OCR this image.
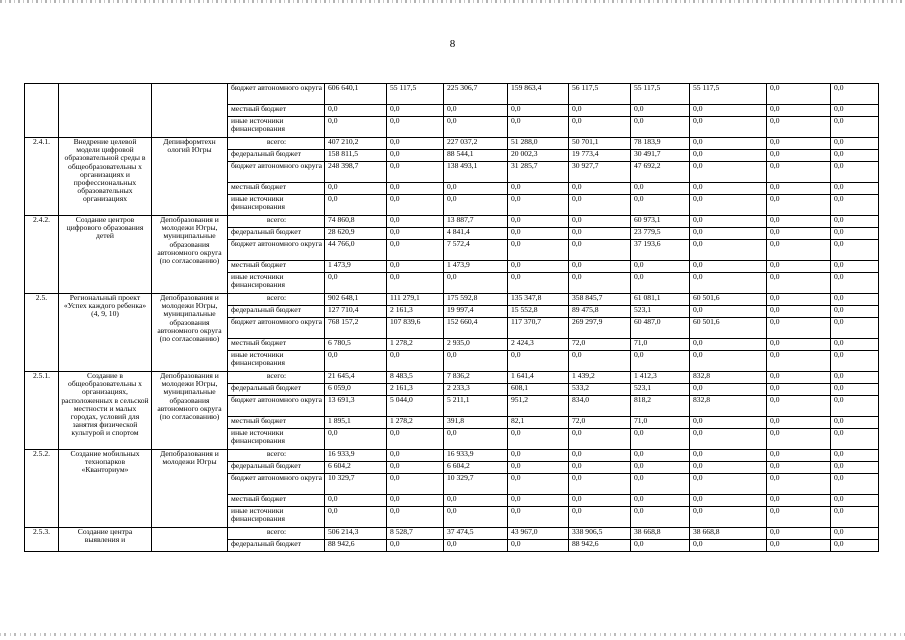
8
			бюджет автономного округа	606 640,1	55 117,5	225 306,7	159 863,4	56 117,5	55 117,5	55 117,5	0,0	0,0
			местный бюджет	0,0	0,0	0,0	0,0	0,0	0,0	0,0	0,0	0,0
			иные источники финансирования	0,0	0,0	0,0	0,0	0,0	0,0	0,0	0,0	0,0
2.4.1.	Внедрение целевой модели цифровой образовательной среды в общеобразовательны х организациях и профессиональных образовательных организациях	Депинформтехн ологий Югры	всего:	407 210,2	0,0	227 037,2	51 288,0	50 701,1	78 183,9	0,0	0,0	0,0
			федеральный бюджет	158 811,5	0,0	88 544,1	20 002,3	19 773,4	30 491,7	0,0	0,0	0,0
			бюджет автономного округа	248 398,7	0,0	138 493,1	31 285,7	30 927,7	47 692,2	0,0	0,0	0,0
			местный бюджет	0,0	0,0	0,0	0,0	0,0	0,0	0,0	0,0	0,0
			иные источники финансирования	0,0	0,0	0,0	0,0	0,0	0,0	0,0	0,0	0,0
2.4.2.	Создание центров цифрового образования детей	Депобразования и молодежи Югры, муниципальные образования автономного округа (по согласованию)	всего:	74 860,8	0,0	13 887,7	0,0	0,0	60 973,1	0,0	0,0	0,0
			федеральный бюджет	28 620,9	0,0	4 841,4	0,0	0,0	23 779,5	0,0	0,0	0,0
			бюджет автономного округа	44 766,0	0,0	7 572,4	0,0	0,0	37 193,6	0,0	0,0	0,0
			местный бюджет	1 473,9	0,0	1 473,9	0,0	0,0	0,0	0,0	0,0	0,0
			иные источники финансирования	0,0	0,0	0,0	0,0	0,0	0,0	0,0	0,0	0,0
2.5.	Региональный проект «Успех каждого ребенка» (4, 9, 10)	Депобразования и молодежи Югры, муниципальные образования автономного округа (по согласованию)	всего:	902 648,1	111 279,1	175 592,8	135 347,8	358 845,7	61 081,1	60 501,6	0,0	0,0
			федеральный бюджет	127 710,4	2 161,3	19 997,4	15 552,8	89 475,8	523,1	0,0	0,0	0,0
			бюджет автономного округа	768 157,2	107 839,6	152 660,4	117 370,7	269 297,9	60 487,0	60 501,6	0,0	0,0
			местный бюджет	6 780,5	1 278,2	2 935,0	2 424,3	72,0	71,0	0,0	0,0	0,0
			иные источники финансирования	0,0	0,0	0,0	0,0	0,0	0,0	0,0	0,0	0,0
2.5.1.	Создание в общеобразовательны х организациях, расположенных в сельской местности и малых городах, условий для занятия физической культурой и спортом	Депобразования и молодежи Югры, муниципальные образования автономного округа (по согласованию)	всего:	21 645,4	8 483,5	7 836,2	1 641,4	1 439,2	1 412,3	832,8	0,0	0,0
			федеральный бюджет	6 059,0	2 161,3	2 233,3	608,1	533,2	523,1	0,0	0,0	0,0
			бюджет автономного округа	13 691,3	5 044,0	5 211,1	951,2	834,0	818,2	832,8	0,0	0,0
			местный бюджет	1 895,1	1 278,2	391,8	82,1	72,0	71,0	0,0	0,0	0,0
			иные источники финансирования	0,0	0,0	0,0	0,0	0,0	0,0	0,0	0,0	0,0
2.5.2.	Создание мобильных технопарков «Кванториум»	Депобразования и молодежи Югры	всего:	16 933,9	0,0	16 933,9	0,0	0,0	0,0	0,0	0,0	0,0
			федеральный бюджет	6 604,2	0,0	6 604,2	0,0	0,0	0,0	0,0	0,0	0,0
			бюджет автономного округа	10 329,7	0,0	10 329,7	0,0	0,0	0,0	0,0	0,0	0,0
			местный бюджет	0,0	0,0	0,0	0,0	0,0	0,0	0,0	0,0	0,0
			иные источники финансирования	0,0	0,0	0,0	0,0	0,0	0,0	0,0	0,0	0,0
2.5.3.	Создание центра выявления и		всего:	506 214,3	8 528,7	37 474,5	43 967,0	338 906,5	38 668,8	38 668,8	0,0	0,0
			федеральный бюджет	88 942,6	0,0	0,0	0,0	88 942,6	0,0	0,0	0,0	0,0
